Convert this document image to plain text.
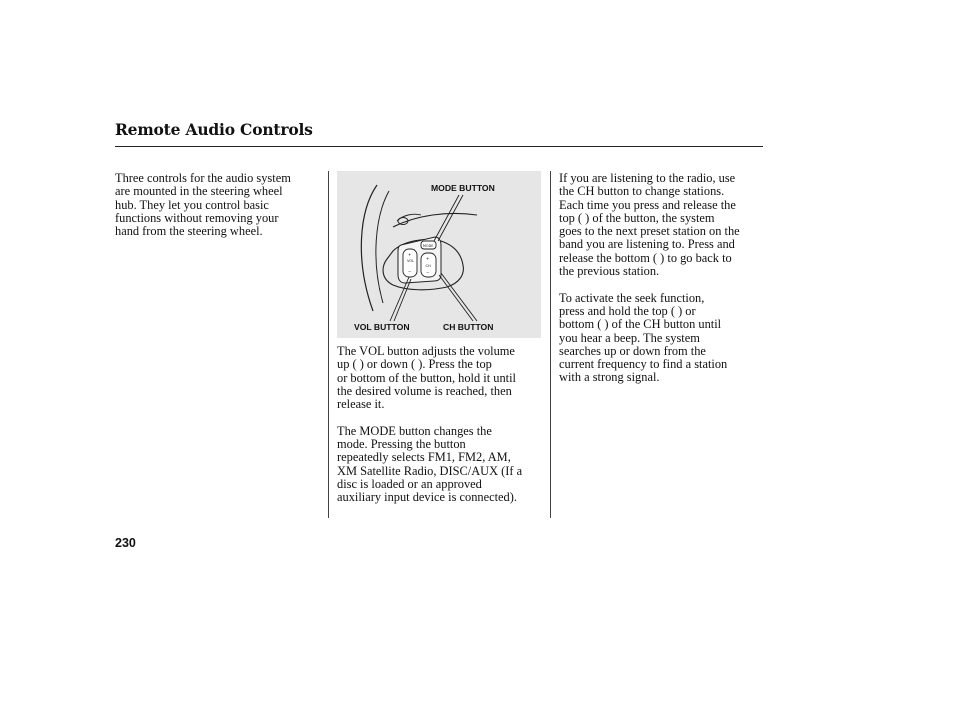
Remote Audio Controls

Three controls for the audio system
are mounted in the steering wheel
hub. They let you control basic
functions without removing your
hand from the steering wheel.

VOL
+
−
MODE
CH
+
−
MODE BUTTON
VOL BUTTON	CH BUTTON

The VOL button adjusts the volume
up ( ) or down ( ). Press the top
or bottom of the button, hold it until
the desired volume is reached, then
release it.

The MODE button changes the
mode. Pressing the button
repeatedly selects FM1, FM2, AM,
XM Satellite Radio, DISC/AUX (If a
disc is loaded or an approved
auxiliary input device is connected).

If you are listening to the radio, use
the CH button to change stations.
Each time you press and release the
top ( ) of the button, the system
goes to the next preset station on the
band you are listening to. Press and
release the bottom ( ) to go back to
the previous station.

To activate the seek function,
press and hold the top ( ) or
bottom ( ) of the CH button until
you hear a beep. The system
searches up or down from the
current frequency to find a station
with a strong signal.

230
